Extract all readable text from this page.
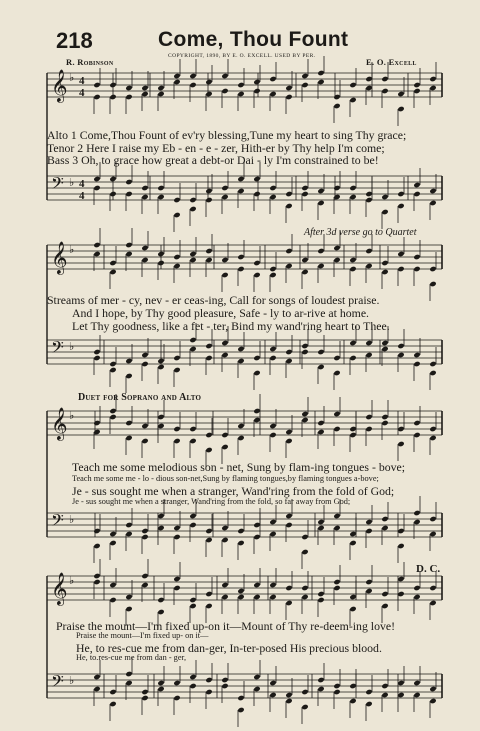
218	Come, Thou Fount
COPYRIGHT, 1890, BY E. O. EXCELL. USED BY PER.
R. Robinson	E. O. Excell
𝄞
𝄢
♭
♭
4
4
4
4
𝄞
𝄢
♭
♭
𝄞
𝄢
♭
♭
𝄞
𝄢
♭
♭
Alto 1 Come,Thou Fount of ev'ry blessing,Tune my heart to sing Thy grace;
Tenor 2 Here I raise my Eb - en - e - zer, Hith-er by Thy help I'm come;
Bass 3 Oh, to grace how great a debt-or Dai - ly I'm constrained to be!
After 3d verse go to Quartet
Streams of mer - cy, nev - er ceas-ing, Call for songs of loudest praise.
And I hope, by Thy good pleasure, Safe - ly to ar-rive at home.
Let Thy goodness, like a fet - ter, Bind my wand'ring heart to Thee.
Duet for Soprano and Alto
Teach me some melodious son - net, Sung by flam-ing tongues - bove;
Teach me some me - lo - dious son-net,Sung by flaming tongues,by flaming tongues a-bove;
Je - sus sought me when a stranger, Wand'ring from the fold of God;
Je - sus sought me when a stranger, Wand'ring from the fold, so far away from God;
D. C.
Praise the mount—I'm fixed up-on it—Mount of Thy re-deem-ing love!
Praise the mount—I'm fixed up- on it—
He, to res-cue me from dan-ger, In-ter-posed His precious blood.
He, to.res-cue me from dan - ger,
